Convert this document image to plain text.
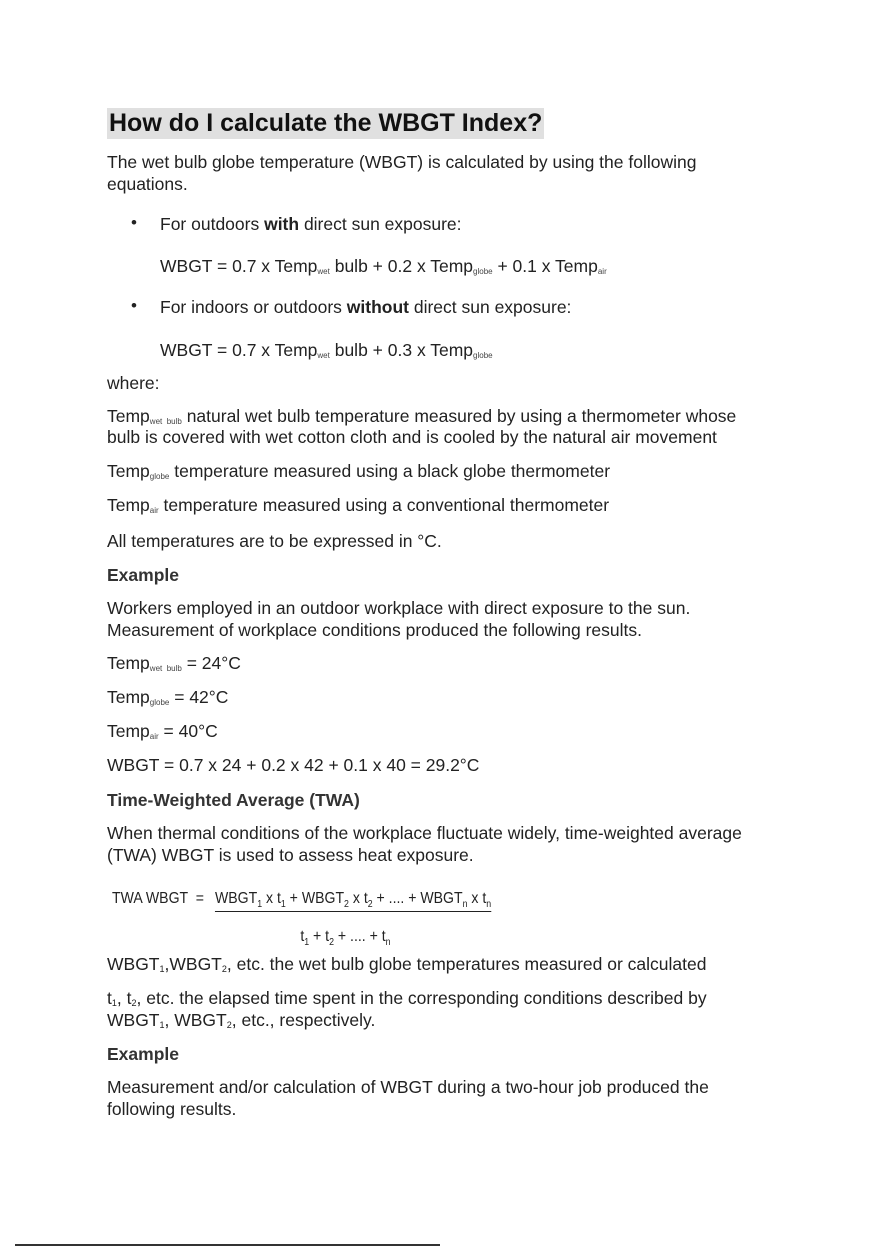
How do I calculate the WBGT Index?
The wet bulb globe temperature (WBGT) is calculated by using the following
equations.
• For outdoors with direct sun exposure:
WBGT = 0.7 x Temp$_{wet}$ bulb + 0.2 x Temp$_{globe}$ + 0.1 x Temp$_{air}$
• For indoors or outdoors without direct sun exposure:
WBGT = 0.7 x Temp$_{wet}$ bulb + 0.3 x Temp$_{globe}$
where:
Temp$_{wet bulb}$ natural wet bulb temperature measured by using a thermometer whose
bulb is covered with wet cotton cloth and is cooled by the natural air movement
Temp$_{globe}$ temperature measured using a black globe thermometer
Temp$_{air}$ temperature measured using a conventional thermometer
All temperatures are to be expressed in °C.
Example
Workers employed in an outdoor workplace with direct exposure to the sun.
Measurement of workplace conditions produced the following results.
Temp$_{wet bulb}$ = 24°C
Temp$_{globe}$ = 42°C
Temp$_{air}$ = 40°C
WBGT = 0.7 x 24 + 0.2 x 42 + 0.1 x 40 = 29.2°C
Time-Weighted Average (TWA)
When thermal conditions of the workplace fluctuate widely, time-weighted average
(TWA) WBGT is used to assess heat exposure.
TWA WBGT  = $WBGT_1$ x $t_1$ + $WBGT_2$ x $t_2$ + .... + $WBGT_n$ x $t_n$
$t_1 + t_2$ + .... + $t_n$
WBGT1,WBGT2, etc. the wet bulb globe temperatures measured or calculated
t1, t2, etc. the elapsed time spent in the corresponding conditions described by
WBGT1, WBGT2, etc., respectively.
Example
Measurement and/or calculation of WBGT during a two-hour job produced the
following results.
